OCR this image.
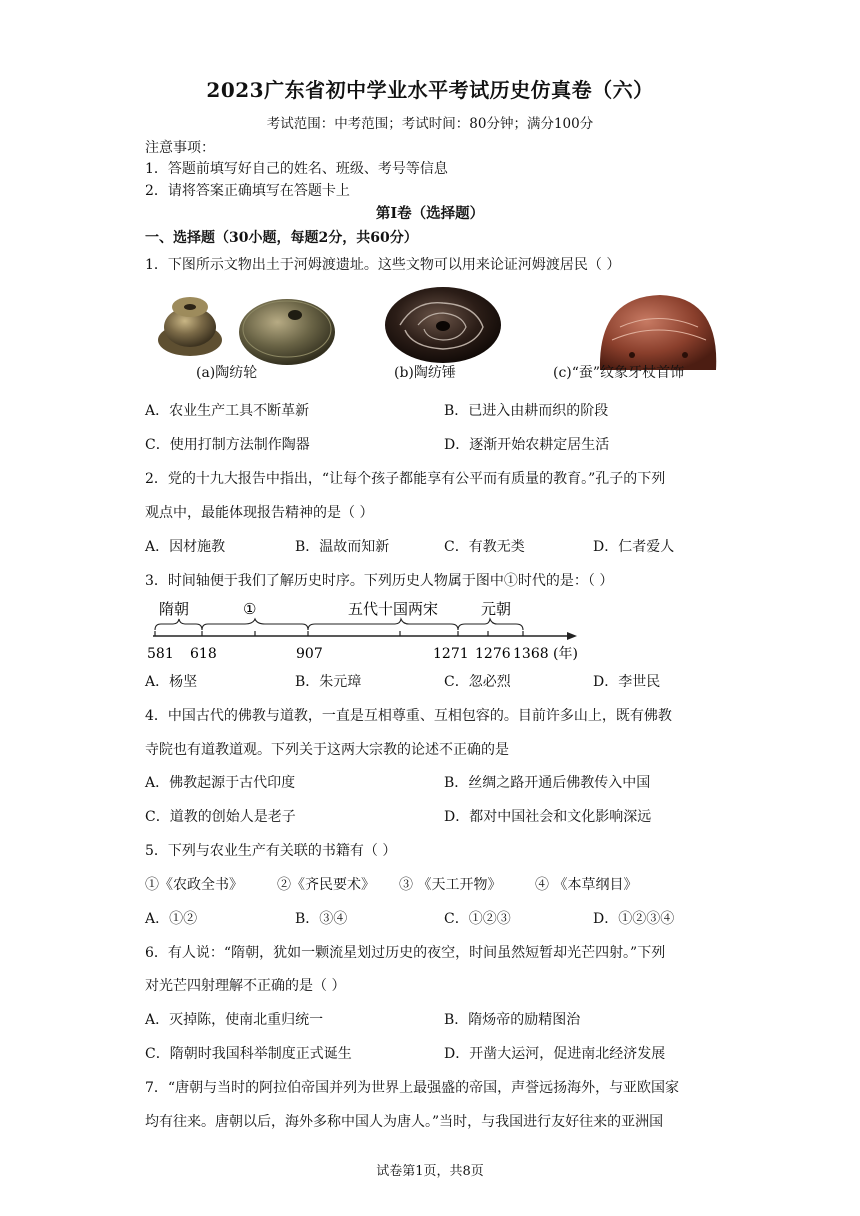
2023广东省初中学业水平考试历史仿真卷（六）
考试范围：中考范围；考试时间：80分钟；满分100分
注意事项：
1．答题前填写好自己的姓名、班级、考号等信息
2．请将答案正确填写在答题卡上
第I卷（选择题）
一、选择题（30小题，每题2分，共60分）
1．下图所示文物出土于河姆渡遗址。这些文物可以用来论证河姆渡居民（ ）
(a)陶纺轮	(b)陶纺锤	(c)“蚕”纹象牙杖首饰
A．农业生产工具不断革新	B．已进入由耕而织的阶段
C．使用打制方法制作陶器	D．逐渐开始农耕定居生活
2．党的十九大报告中指出，“让每个孩子都能享有公平而有质量的教育。”孔子的下列
观点中，最能体现报告精神的是（ ）
A．因材施教	B．温故而知新	C．有教无类	D．仁者爱人
3．时间轴便于我们了解历史时序。下列历史人物属于图中①时代的是：（ ）
隋朝	①	五代十国两宋	元朝
581 618	907	1271 1276 1368 (年)
A．杨坚	B．朱元璋	C．忽必烈	D．李世民
4．中国古代的佛教与道教，一直是互相尊重、互相包容的。目前许多山上，既有佛教
寺院也有道教道观。下列关于这两大宗教的论述不正确的是
A．佛教起源于古代印度	B．丝绸之路开通后佛教传入中国
C．道教的创始人是老子	D．都对中国社会和文化影响深远
5．下列与农业生产有关联的书籍有（ ）
①《农政全书》 ②《齐民要术》 ③ 《天工开物》 ④ 《本草纲目》
A．①②	B．③④	C．①②③	D．①②③④
6．有人说：“隋朝，犹如一颗流星划过历史的夜空，时间虽然短暂却光芒四射。”下列
对光芒四射理解不正确的是（ ）
A．灭掉陈，使南北重归统一	B．隋炀帝的励精图治
C．隋朝时我国科举制度正式诞生	D．开凿大运河，促进南北经济发展
7．“唐朝与当时的阿拉伯帝国并列为世界上最强盛的帝国，声誉远扬海外，与亚欧国家
均有往来。唐朝以后，海外多称中国人为唐人。”当时，与我国进行友好往来的亚洲国
试卷第1页，共8页
